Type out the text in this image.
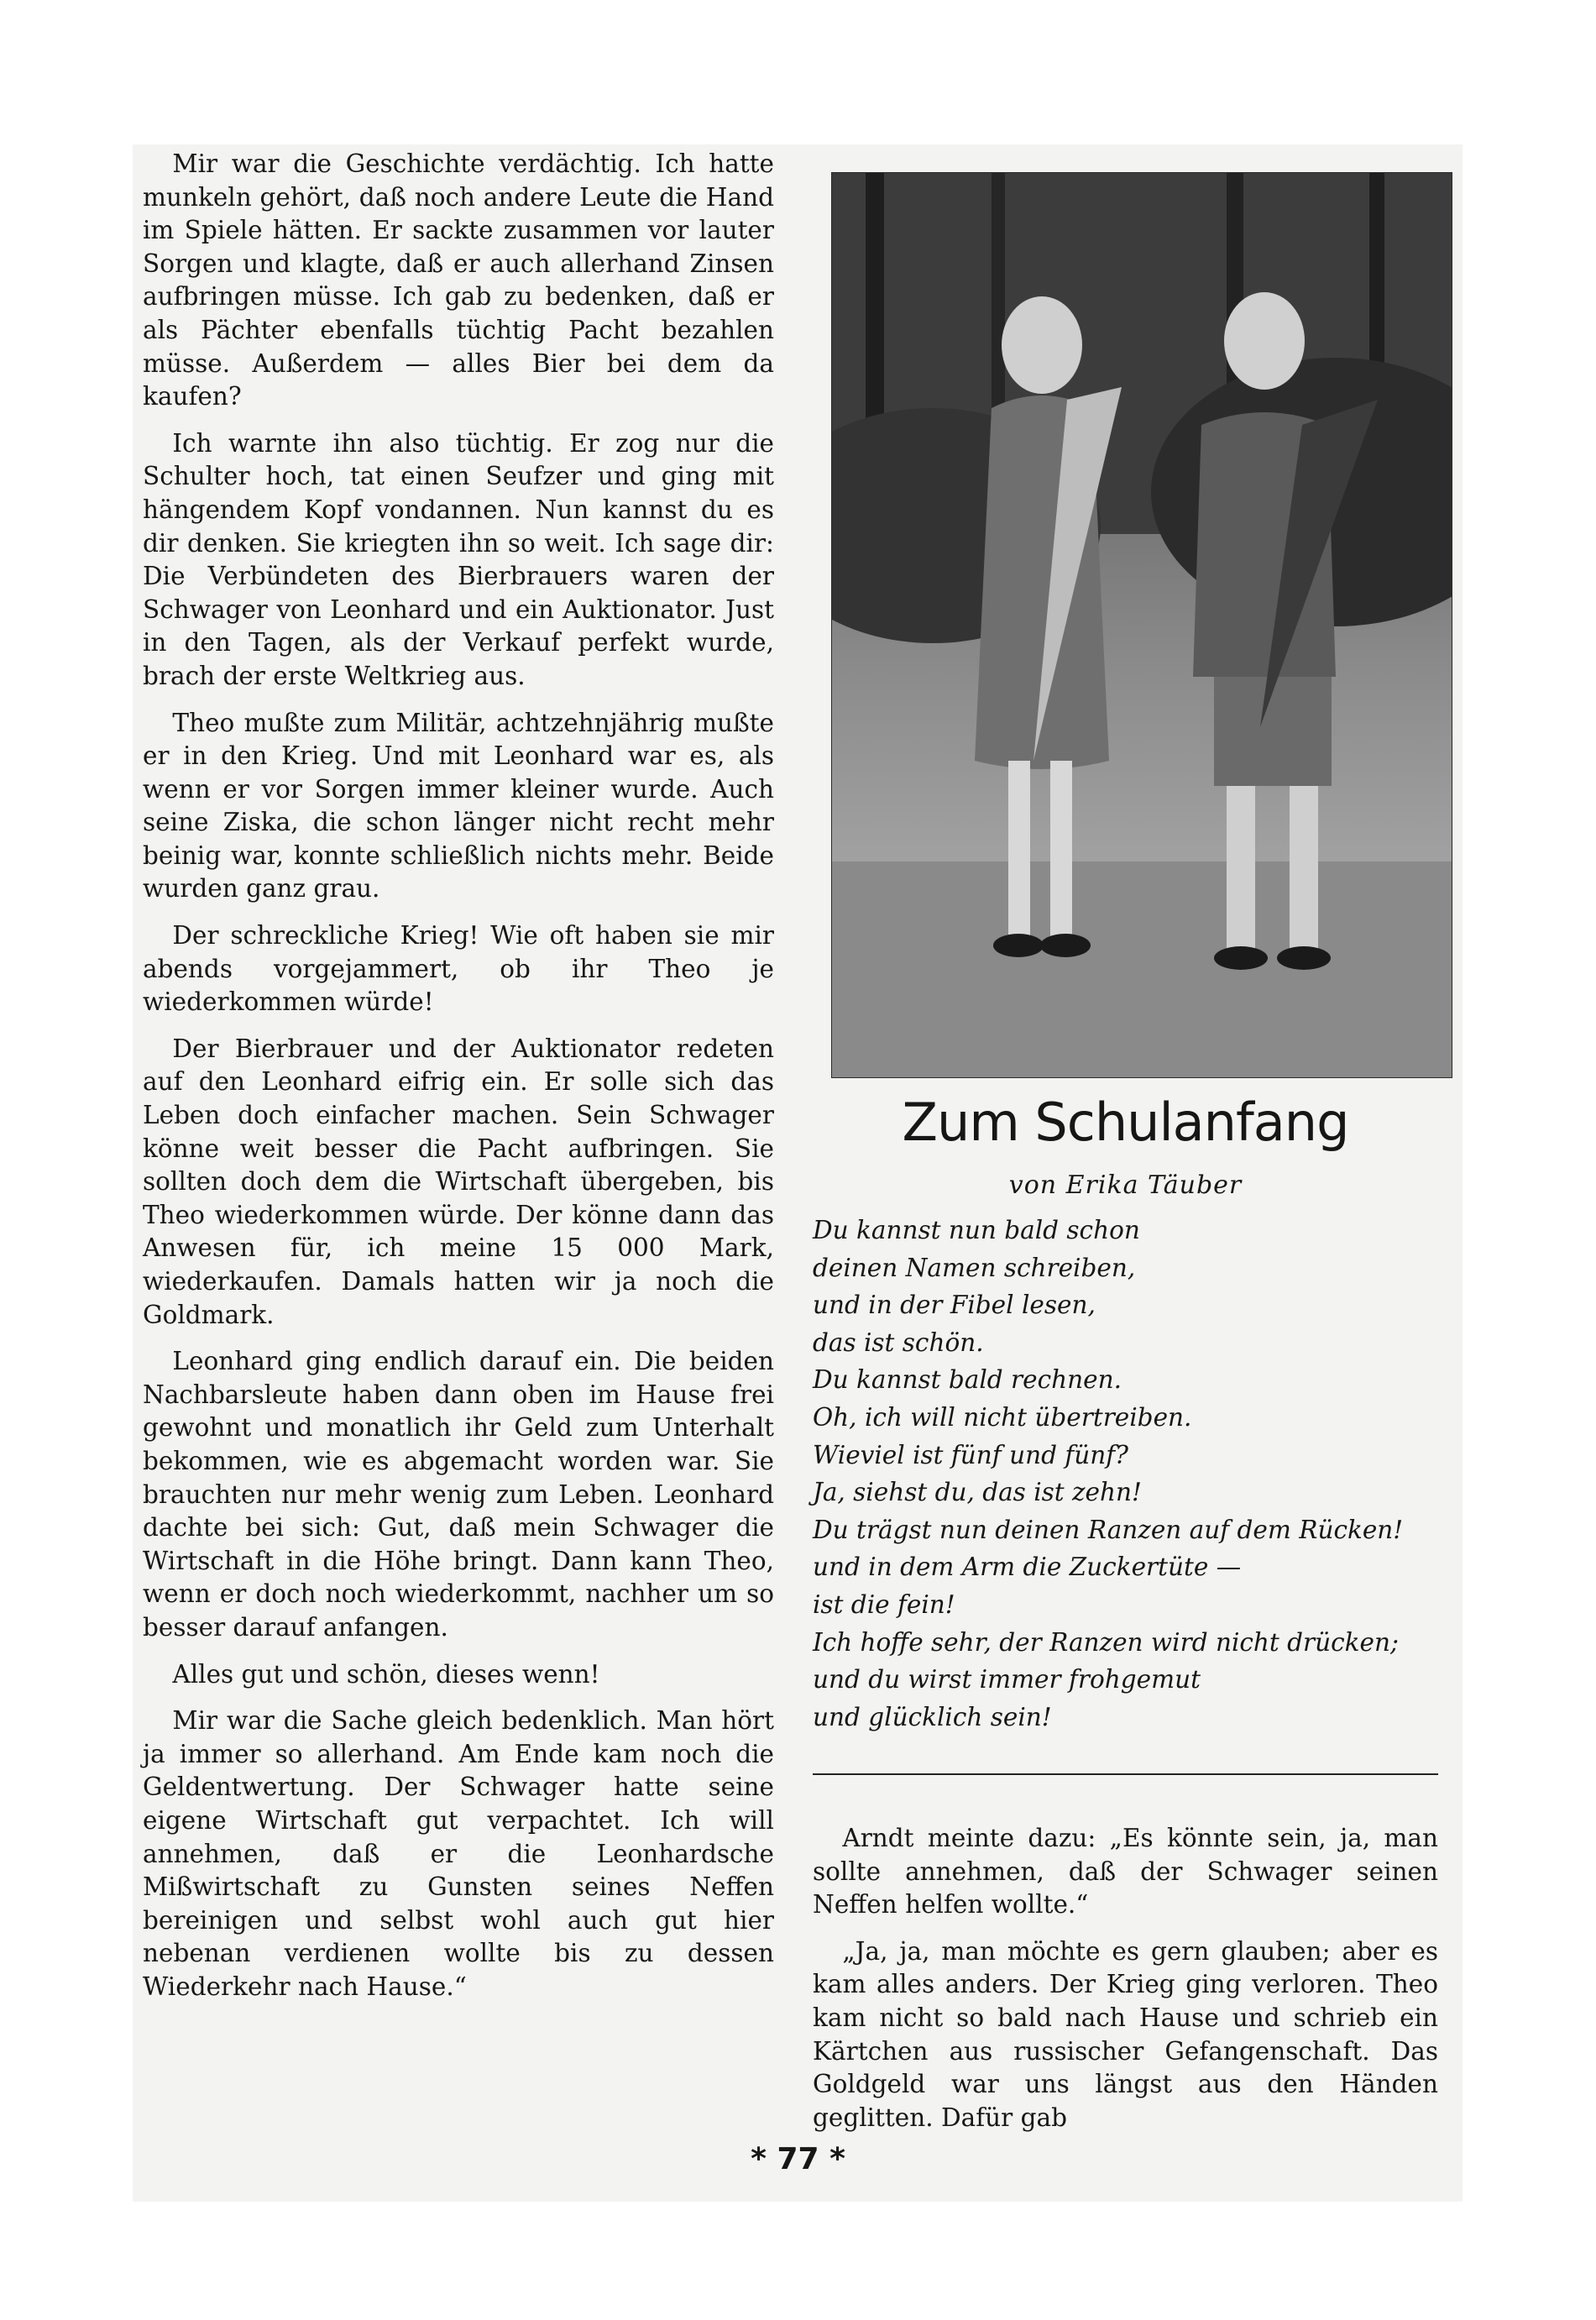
Mir war die Geschichte verdächtig. Ich hatte munkeln gehört, daß noch andere Leute die Hand im Spiele hätten. Er sackte zusammen vor lauter Sorgen und klagte, daß er auch allerhand Zinsen aufbringen müsse. Ich gab zu bedenken, daß er als Pächter ebenfalls tüchtig Pacht bezahlen müsse. Außerdem — alles Bier bei dem da kaufen?

Ich warnte ihn also tüchtig. Er zog nur die Schulter hoch, tat einen Seufzer und ging mit hängendem Kopf vondannen. Nun kannst du es dir denken. Sie kriegten ihn so weit. Ich sage dir: Die Verbündeten des Bierbrauers waren der Schwager von Leonhard und ein Auktionator. Just in den Tagen, als der Verkauf perfekt wurde, brach der erste Weltkrieg aus.

Theo mußte zum Militär, achtzehnjährig mußte er in den Krieg. Und mit Leonhard war es, als wenn er vor Sorgen immer kleiner wurde. Auch seine Ziska, die schon länger nicht recht mehr beinig war, konnte schließlich nichts mehr. Beide wurden ganz grau.

Der schreckliche Krieg! Wie oft haben sie mir abends vorgejammert, ob ihr Theo je wiederkommen würde!

Der Bierbrauer und der Auktionator redeten auf den Leonhard eifrig ein. Er solle sich das Leben doch einfacher machen. Sein Schwager könne weit besser die Pacht aufbringen. Sie sollten doch dem die Wirtschaft übergeben, bis Theo wiederkommen würde. Der könne dann das Anwesen für, ich meine 15 000 Mark, wiederkaufen. Damals hatten wir ja noch die Goldmark.

Leonhard ging endlich darauf ein. Die beiden Nachbarsleute haben dann oben im Hause frei gewohnt und monatlich ihr Geld zum Unterhalt bekommen, wie es abgemacht worden war. Sie brauchten nur mehr wenig zum Leben. Leonhard dachte bei sich: Gut, daß mein Schwager die Wirtschaft in die Höhe bringt. Dann kann Theo, wenn er doch noch wiederkommt, nachher um so besser darauf anfangen.

Alles gut und schön, dieses wenn!

Mir war die Sache gleich bedenklich. Man hört ja immer so allerhand. Am Ende kam noch die Geldentwertung. Der Schwager hatte seine eigene Wirtschaft gut verpachtet. Ich will annehmen, daß er die Leonhardsche Mißwirtschaft zu Gunsten seines Neffen bereinigen und selbst wohl auch gut hier nebenan verdienen wollte bis zu dessen Wiederkehr nach Hause.“

Zum Schulanfang
von Erika Täuber
Du kannst nun bald schon
deinen Namen schreiben,
und in der Fibel lesen,
das ist schön.
Du kannst bald rechnen.
Oh, ich will nicht übertreiben.
Wieviel ist fünf und fünf?
Ja, siehst du, das ist zehn!
Du trägst nun deinen Ranzen auf dem Rücken!
und in dem Arm die Zuckertüte —
ist die fein!
Ich hoffe sehr, der Ranzen wird nicht drücken;
und du wirst immer frohgemut
und glücklich sein!

Arndt meinte dazu: „Es könnte sein, ja, man sollte annehmen, daß der Schwager seinen Neffen helfen wollte.“

„Ja, ja, man möchte es gern glauben; aber es kam alles anders. Der Krieg ging verloren. Theo kam nicht so bald nach Hause und schrieb ein Kärtchen aus russischer Gefangenschaft. Das Goldgeld war uns längst aus den Händen geglitten. Dafür gab

* 77 *
